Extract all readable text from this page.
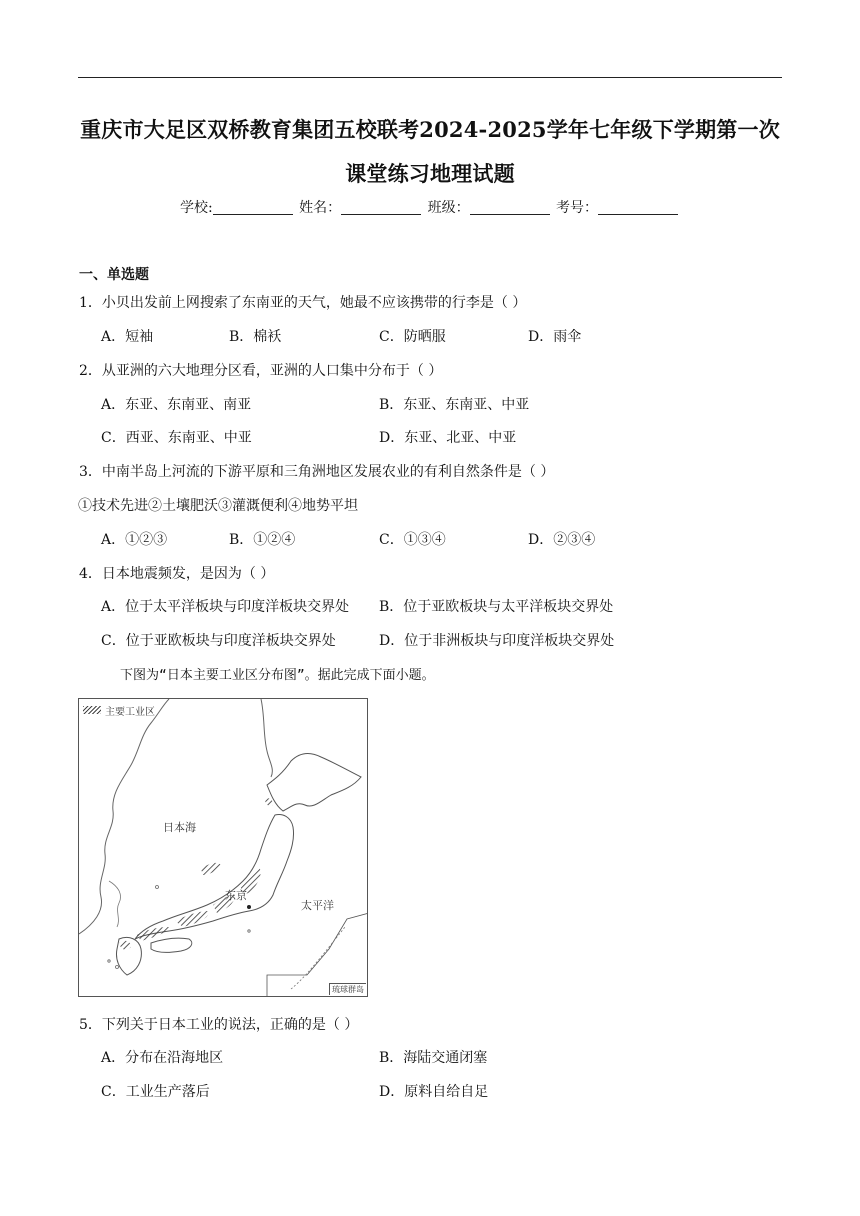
重庆市大足区双桥教育集团五校联考2024-2025学年七年级下学期第一次
课堂练习地理试题
学校:	姓名：	班级：	考号：
一、单选题
1．小贝出发前上网搜索了东南亚的天气，她最不应该携带的行李是（ ）
A．短袖	B．棉袄	C．防晒服	D．雨伞
2．从亚洲的六大地理分区看，亚洲的人口集中分布于（ ）
A．东亚、东南亚、南亚	B．东亚、东南亚、中亚
C．西亚、东南亚、中亚	D．东亚、北亚、中亚
3．中南半岛上河流的下游平原和三角洲地区发展农业的有利自然条件是（ ）
①技术先进②土壤肥沃③灌溉便利④地势平坦
A．①②③	B．①②④	C．①③④	D．②③④
4．日本地震频发，是因为（ ）
A．位于太平洋板块与印度洋板块交界处 B．位于亚欧板块与太平洋板块交界处
C．位于亚欧板块与印度洋板块交界处	D．位于非洲板块与印度洋板块交界处
下图为“日本主要工业区分布图”。据此完成下面小题。
主要工业区
日本海
东京
太平洋
琉球群岛
5．下列关于日本工业的说法，正确的是（ ）
A．分布在沿海地区	B．海陆交通闭塞
C．工业生产落后	D．原料自给自足
